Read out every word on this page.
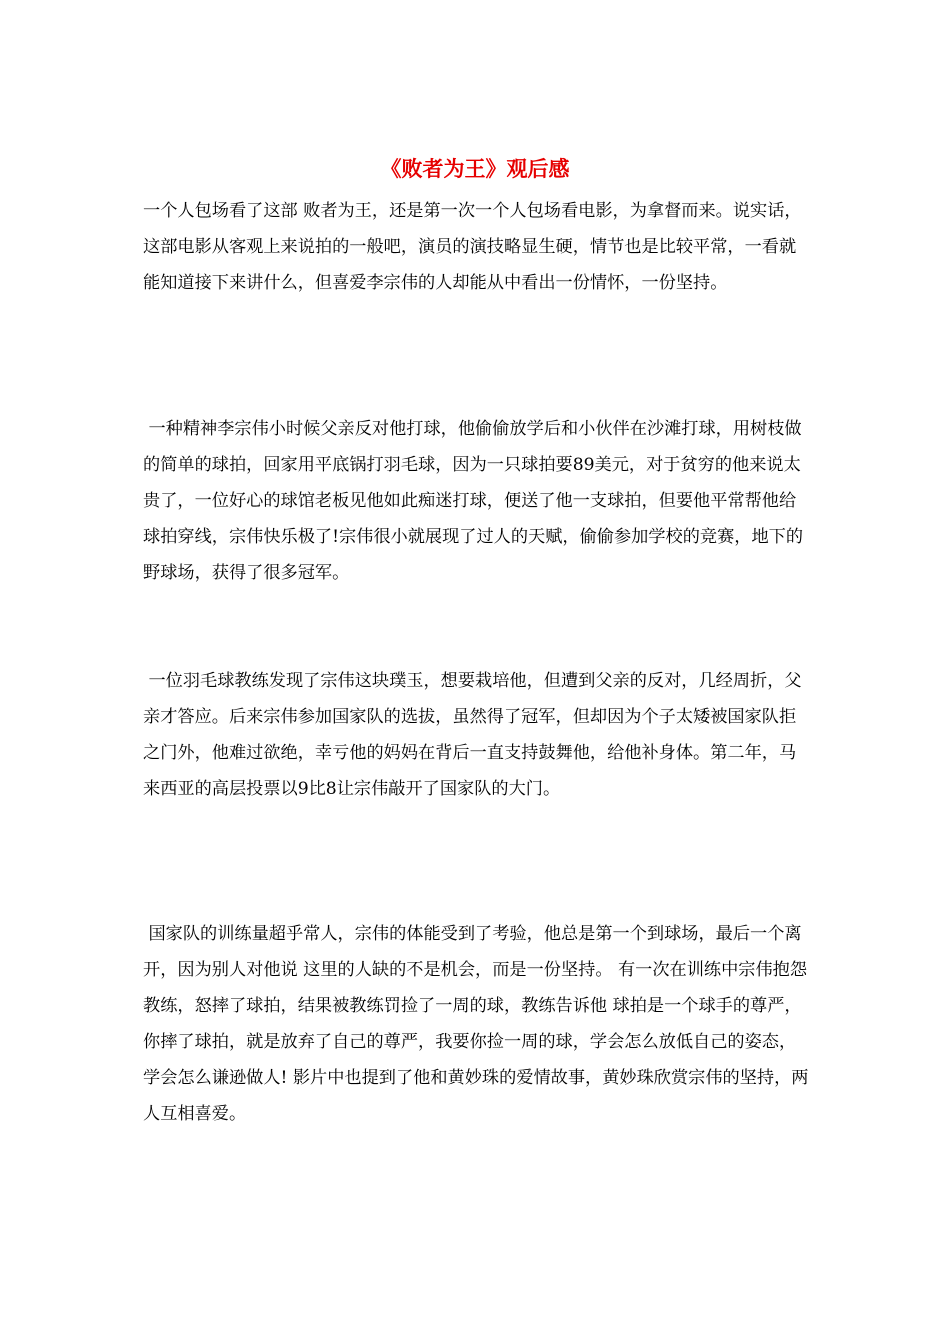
《败者为王》观后感

一个人包场看了这部 败者为王，还是第一次一个人包场看电影，为拿督而来。说实话，这部电影从客观上来说拍的一般吧，演员的演技略显生硬，情节也是比较平常，一看就能知道接下来讲什么，但喜爱李宗伟的人却能从中看出一份情怀，一份坚持。

一种精神李宗伟小时候父亲反对他打球，他偷偷放学后和小伙伴在沙滩打球，用树枝做的简单的球拍，回家用平底锅打羽毛球，因为一只球拍要89美元，对于贫穷的他来说太贵了，一位好心的球馆老板见他如此痴迷打球，便送了他一支球拍，但要他平常帮他给球拍穿线，宗伟快乐极了!宗伟很小就展现了过人的天赋，偷偷参加学校的竞赛，地下的野球场，获得了很多冠军。

一位羽毛球教练发现了宗伟这块璞玉，想要栽培他，但遭到父亲的反对，几经周折，父亲才答应。后来宗伟参加国家队的选拔，虽然得了冠军，但却因为个子太矮被国家队拒之门外，他难过欲绝，幸亏他的妈妈在背后一直支持鼓舞他，给他补身体。第二年，马来西亚的高层投票以9比8让宗伟敲开了国家队的大门。

国家队的训练量超乎常人，宗伟的体能受到了考验，他总是第一个到球场，最后一个离开，因为别人对他说 这里的人缺的不是机会，而是一份坚持。 有一次在训练中宗伟抱怨教练，怒摔了球拍，结果被教练罚捡了一周的球，教练告诉他 球拍是一个球手的尊严，你摔了球拍，就是放弃了自己的尊严，我要你捡一周的球，学会怎么放低自己的姿态，学会怎么谦逊做人! 影片中也提到了他和黄妙珠的爱情故事，黄妙珠欣赏宗伟的坚持，两人互相喜爱。
